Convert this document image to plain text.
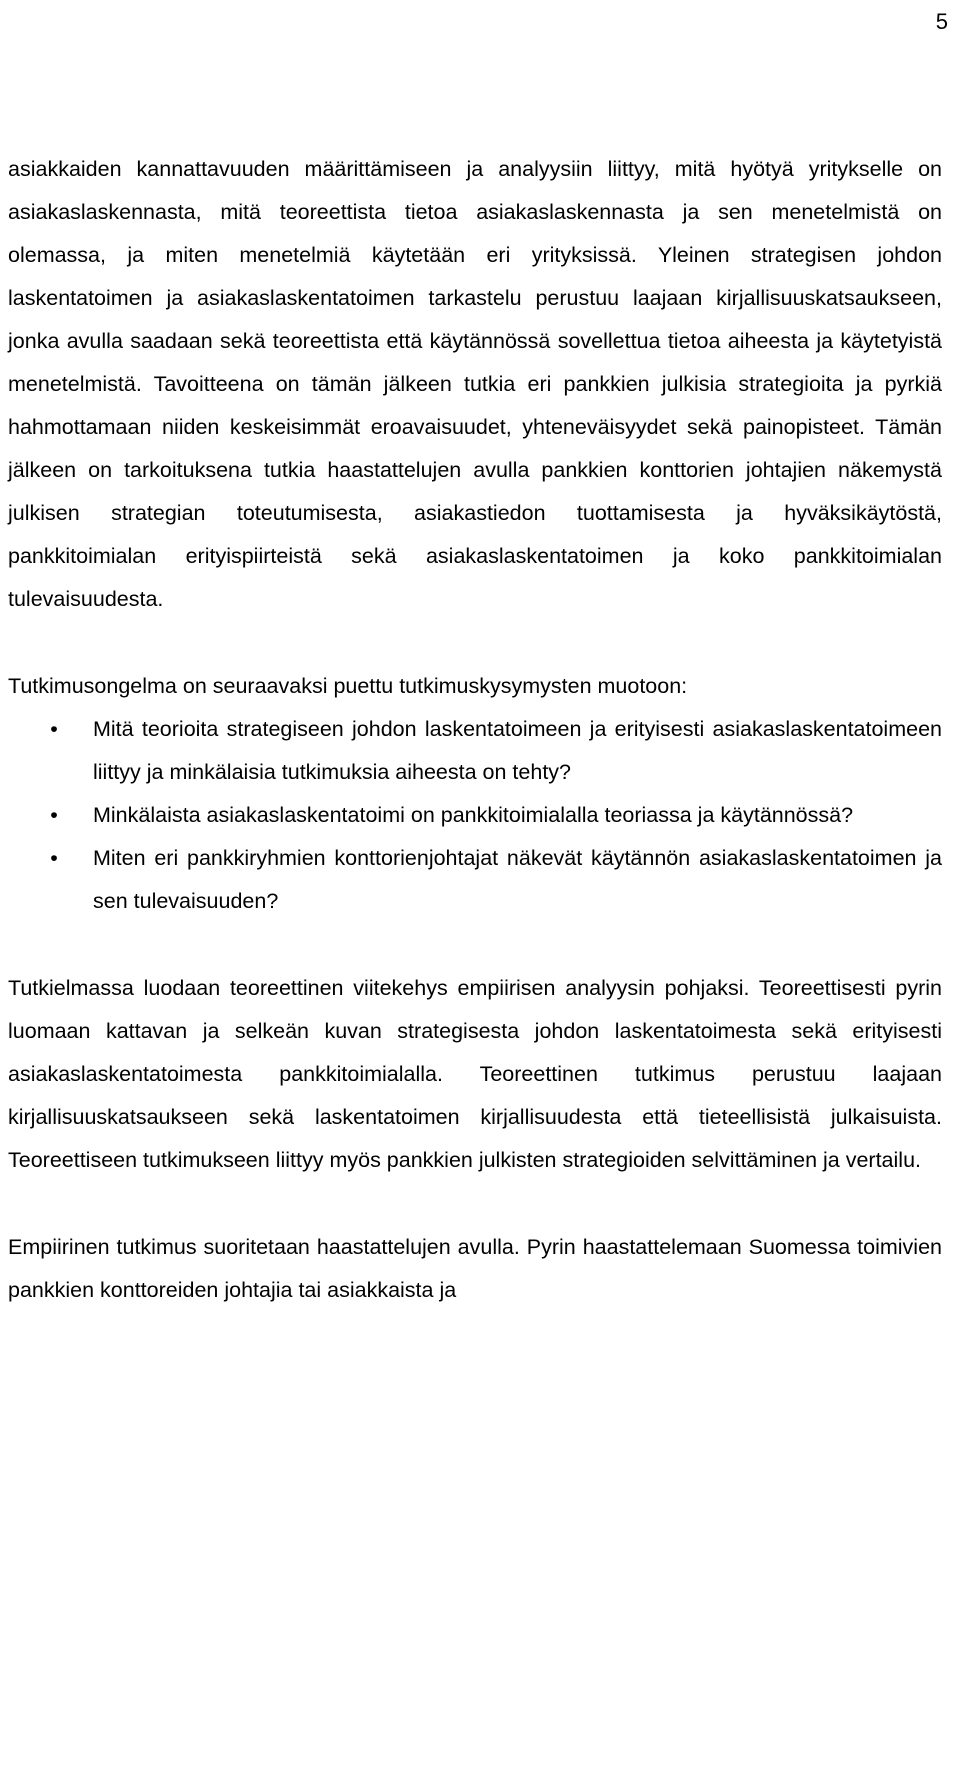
5

asiakkaiden kannattavuuden määrittämiseen ja analyysiin liittyy, mitä hyötyä yritykselle on asiakaslaskennasta, mitä teoreettista tietoa asiakaslaskennasta ja sen menetelmistä on olemassa, ja miten menetelmiä käytetään eri yrityksissä. Yleinen strategisen johdon laskentatoimen ja asiakaslaskentatoimen tarkastelu perustuu laajaan kirjallisuuskatsaukseen, jonka avulla saadaan sekä teoreettista että käytännössä sovellettua tietoa aiheesta ja käytetyistä menetelmistä. Tavoitteena on tämän jälkeen tutkia eri pankkien julkisia strategioita ja pyrkiä hahmottamaan niiden keskeisimmät eroavaisuudet, yhteneväisyydet sekä painopisteet. Tämän jälkeen on tarkoituksena tutkia haastattelujen avulla pankkien konttorien johtajien näkemystä julkisen strategian toteutumisesta, asiakastiedon tuottamisesta ja hyväksikäytöstä, pankkitoimialan erityispiirteistä sekä asiakaslaskentatoimen ja koko pankkitoimialan tulevaisuudesta.

Tutkimusongelma on seuraavaksi puettu tutkimuskysymysten muotoon:

• Mitä teorioita strategiseen johdon laskentatoimeen ja erityisesti asiakaslaskentatoimeen liittyy ja minkälaisia tutkimuksia aiheesta on tehty?
• Minkälaista asiakaslaskentatoimi on pankkitoimialalla teoriassa ja käytännössä?
• Miten eri pankkiryhmien konttorienjohtajat näkevät käytännön asiakaslaskentatoimen ja sen tulevaisuuden?

Tutkielmassa luodaan teoreettinen viitekehys empiirisen analyysin pohjaksi. Teoreettisesti pyrin luomaan kattavan ja selkeän kuvan strategisesta johdon laskentatoimesta sekä erityisesti asiakaslaskentatoimesta pankkitoimialalla. Teoreettinen tutkimus perustuu laajaan kirjallisuuskatsaukseen sekä laskentatoimen kirjallisuudesta että tieteellisistä julkaisuista. Teoreettiseen tutkimukseen liittyy myös pankkien julkisten strategioiden selvittäminen ja vertailu.

Empiirinen tutkimus suoritetaan haastattelujen avulla. Pyrin haastattelemaan Suomessa toimivien pankkien konttoreiden johtajia tai asiakkaista ja
